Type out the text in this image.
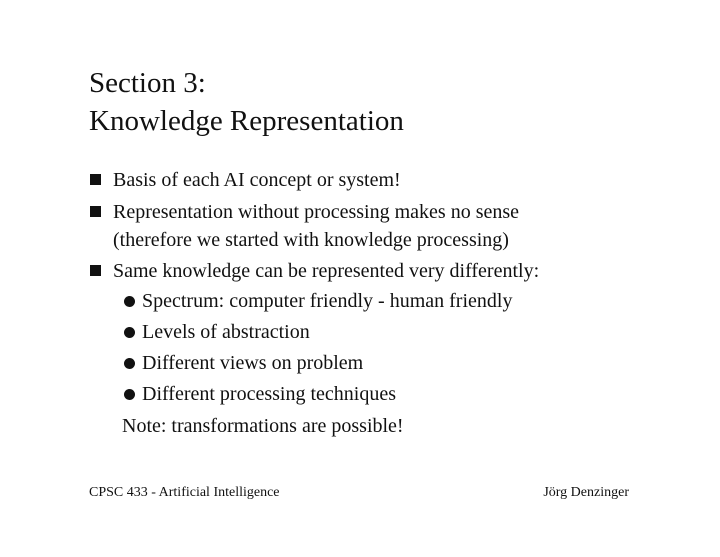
Section 3:
Knowledge Representation
Basis of each AI concept or system!
Representation without processing makes no sense
(therefore we started with knowledge processing)
Same knowledge can be represented very differently:
Spectrum: computer friendly - human friendly
Levels of abstraction
Different views on problem
Different processing techniques
Note: transformations are possible!
CPSC 433 - Artificial Intelligence	Jörg Denzinger
